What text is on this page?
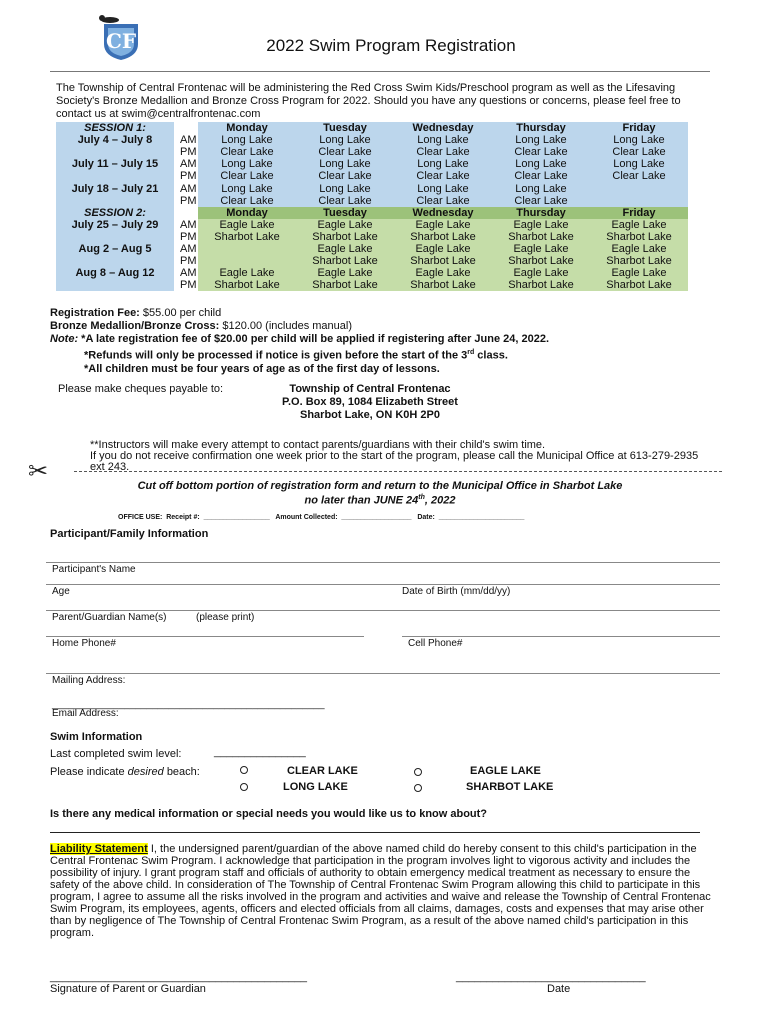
CF	2022 Swim Program Registration
The Township of Central Frontenac will be administering the Red Cross Swim Kids/Preschool program as well as the Lifesaving Society's Bronze Medallion and Bronze Cross Program for 2022. Should you have any questions or concerns, please feel free to contact us at swim@centralfrontenac.com
SESSION 1:		Monday	Tuesday	Wednesday	Thursday	Friday
July 4 – July 8	AM	Long Lake	Long Lake	Long Lake	Long Lake	Long Lake
	PM	Clear Lake	Clear Lake	Clear Lake	Clear Lake	Clear Lake
July 11 – July 15	AM	Long Lake	Long Lake	Long Lake	Long Lake	Long Lake
	PM	Clear Lake	Clear Lake	Clear Lake	Clear Lake	Clear Lake
July 18 – July 21	AM	Long Lake	Long Lake	Long Lake	Long Lake	
	PM	Clear Lake	Clear Lake	Clear Lake	Clear Lake	
SESSION 2:		Monday	Tuesday	Wednesday	Thursday	Friday
July 25 – July 29	AM	Eagle Lake	Eagle Lake	Eagle Lake	Eagle Lake	Eagle Lake
	PM	Sharbot Lake	Sharbot Lake	Sharbot Lake	Sharbot Lake	Sharbot Lake
Aug 2 – Aug 5	AM		Eagle Lake	Eagle Lake	Eagle Lake	Eagle Lake
	PM		Sharbot Lake	Sharbot Lake	Sharbot Lake	Sharbot Lake
Aug 8 – Aug 12	AM	Eagle Lake	Eagle Lake	Eagle Lake	Eagle Lake	Eagle Lake
	PM	Sharbot Lake	Sharbot Lake	Sharbot Lake	Sharbot Lake	Sharbot Lake
Registration Fee: $55.00 per child
Bronze Medallion/Bronze Cross: $120.00 (includes manual)
Note: *A late registration fee of $20.00 per child will be applied if registering after June 24, 2022.
*Refunds will only be processed if notice is given before the start of the 3rd class.
*All children must be four years of age as of the first day of lessons.
Please make cheques payable to:	Township of Central Frontenac
P.O. Box 89, 1084 Elizabeth Street
Sharbot Lake, ON K0H 2P0
**Instructors will make every attempt to contact parents/guardians with their child's swim time.
If you do not receive confirmation one week prior to the start of the program, please call the Municipal Office at 613-279-2935 ext 243.
✂
Cut off bottom portion of registration form and return to the Municipal Office in Sharbot Lake
no later than JUNE 24th, 2022
OFFICE USE:  Receipt #:  _________________   Amount Collected:  __________________   Date:  ______________________
Participant/Family Information
Participant's Name
Age	Date of Birth (mm/dd/yy)
Parent/Guardian Name(s)	(please print)
Home Phone#	Cell Phone#
Mailing Address:
_________________________________________________
Email Address:
Swim Information
Last completed swim level:	_______________
Please indicate desired beach:	CLEAR LAKE
LONG LAKE
EAGLE LAKE
SHARBOT LAKE
Is there any medical information or special needs you would like us to know about?
Liability Statement I, the undersigned parent/guardian of the above named child do hereby consent to this child's participation in the Central Frontenac Swim Program. I acknowledge that participation in the program involves light to vigorous activity and includes the possibility of injury. I grant program staff and officials of authority to obtain emergency medical treatment as necessary to ensure the safety of the above child. In consideration of The Township of Central Frontenac Swim Program allowing this child to participate in this program, I agree to assume all the risks involved in the program and activities and waive and release the Township of Central Frontenac Swim Program, its employees, agents, officers and elected officials from all claims, damages, costs and expenses that may arise other than by negligence of The Township of Central Frontenac Swim Program, as a result of the above named child's participation in this program.
__________________________________________
Signature of Parent or Guardian
_______________________________
Date
